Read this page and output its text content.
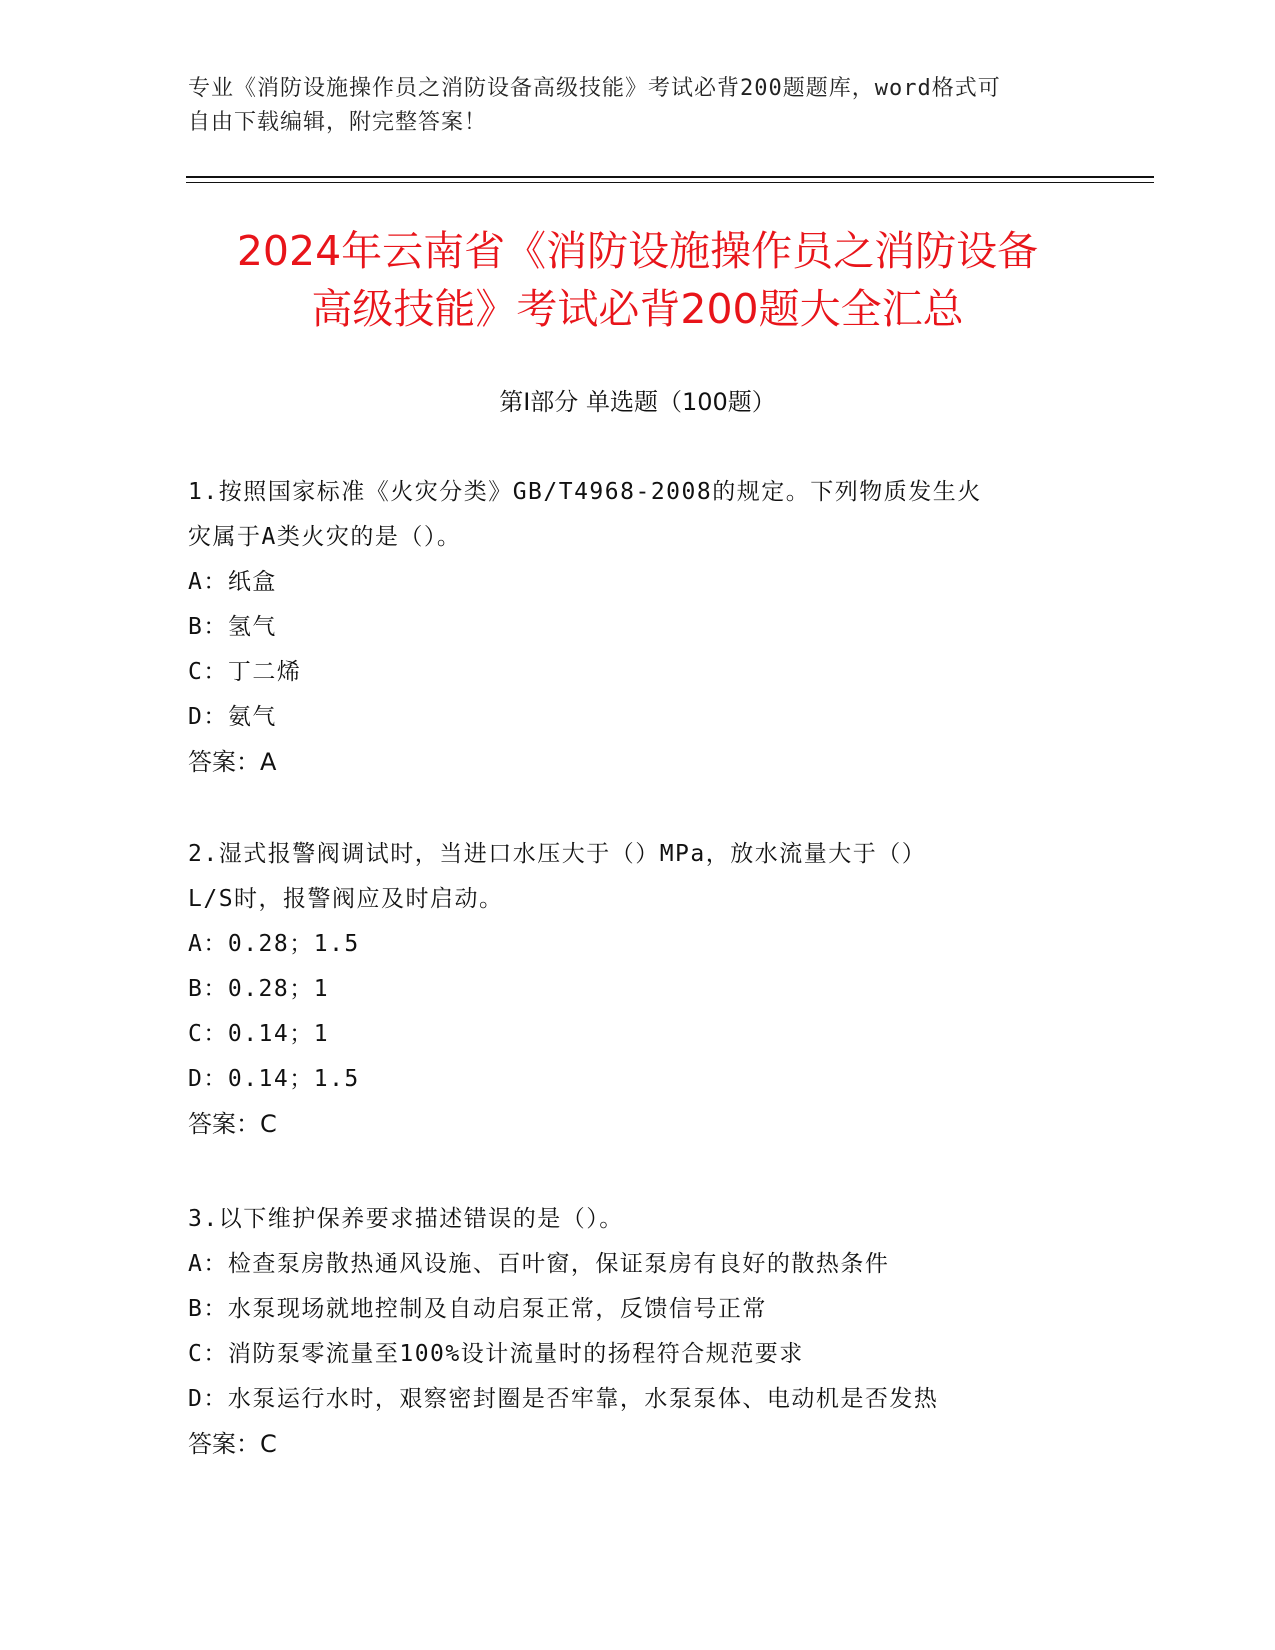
专业《消防设施操作员之消防设备高级技能》考试必背200题题库，word格式可
自由下载编辑，附完整答案！
2024年云南省《消防设施操作员之消防设备
高级技能》考试必背200题大全汇总
第I部分 单选题（100题）
1.按照国家标准《火灾分类》GB/T4968-2008的规定。下列物质发生火
灾属于A类火灾的是（）。
A：纸盒
B：氢气
C：丁二烯
D：氨气
答案：A
2.湿式报警阀调试时，当进口水压大于（）MPa，放水流量大于（）
L/S时，报警阀应及时启动。
A：0.28；1.5
B：0.28；1
C：0.14；1
D：0.14；1.5
答案：C
3.以下维护保养要求描述错误的是（）。
A：检查泵房散热通风设施、百叶窗，保证泵房有良好的散热条件
B：水泵现场就地控制及自动启泵正常，反馈信号正常
C：消防泵零流量至100%设计流量时的扬程符合规范要求
D：水泵运行水时，艰察密封圈是否牢靠，水泵泵体、电动机是否发热
答案：C
